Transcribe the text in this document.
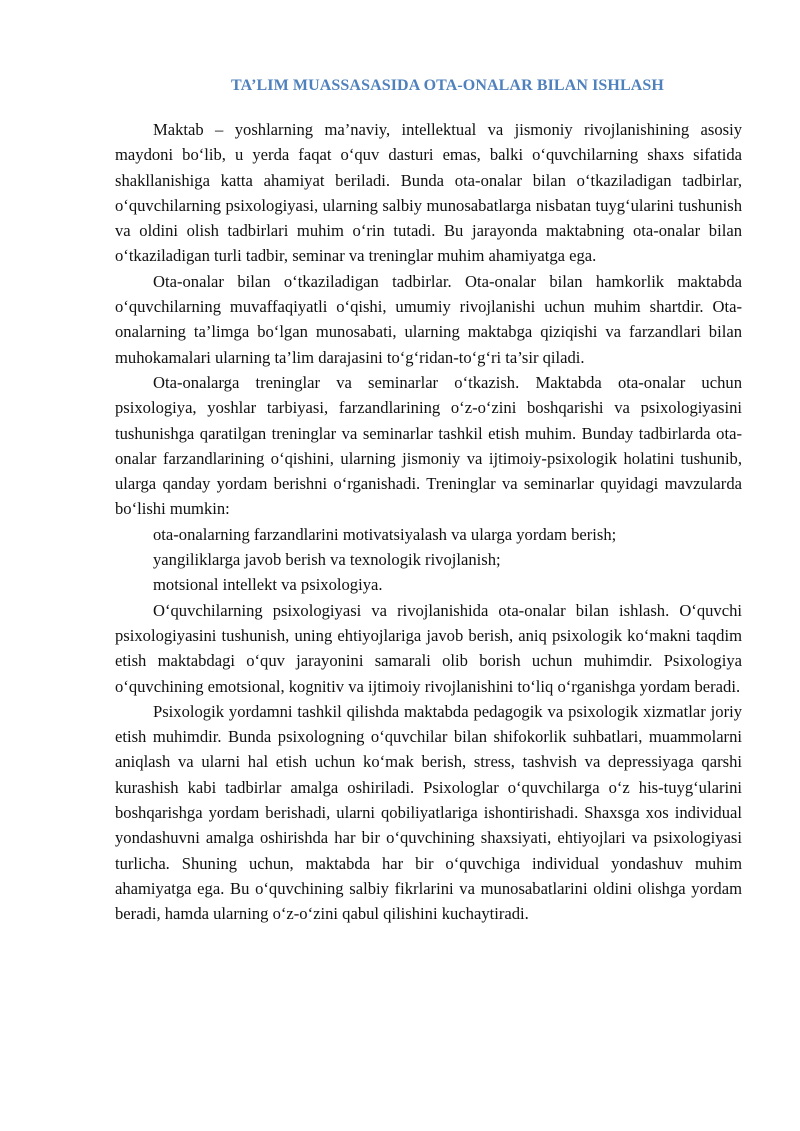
TA’LIM MUASSASASIDA OTA-ONALAR BILAN ISHLASH

Maktab – yoshlarning ma’naviy, intellektual va jismoniy rivojlanishining asosiy maydoni bo‘lib, u yerda faqat o‘quv dasturi emas, balki o‘quvchilarning shaxs sifatida shakllanishiga katta ahamiyat beriladi. Bunda ota-onalar bilan o‘tkaziladigan tadbirlar, o‘quvchilarning psixologiyasi, ularning salbiy munosabatlarga nisbatan tuyg‘ularini tushunish va oldini olish tadbirlari muhim o‘rin tutadi. Bu jarayonda maktabning ota-onalar bilan o‘tkaziladigan turli tadbir, seminar va treninglar muhim ahamiyatga ega.

Ota-onalar bilan o‘tkaziladigan tadbirlar. Ota-onalar bilan hamkorlik maktabda o‘quvchilarning muvaffaqiyatli o‘qishi, umumiy rivojlanishi uchun muhim shartdir. Ota-onalarning ta’limga bo‘lgan munosabati, ularning maktabga qiziqishi va farzandlari bilan muhokamalari ularning ta’lim darajasini to‘g‘ridan-to‘g‘ri ta’sir qiladi.

Ota-onalarga treninglar va seminarlar o‘tkazish. Maktabda ota-onalar uchun psixologiya, yoshlar tarbiyasi, farzandlarining o‘z-o‘zini boshqarishi va psixologiyasini tushunishga qaratilgan treninglar va seminarlar tashkil etish muhim. Bunday tadbirlarda ota-onalar farzandlarining o‘qishini, ularning jismoniy va ijtimoiy-psixologik holatini tushunib, ularga qanday yordam berishni o‘rganishadi. Treninglar va seminarlar quyidagi mavzularda bo‘lishi mumkin:

ota-onalarning farzandlarini motivatsiyalash va ularga yordam berish;
yangiliklarga javob berish va texnologik rivojlanish;
motsional intellekt va psixologiya.

O‘quvchilarning psixologiyasi va rivojlanishida ota-onalar bilan ishlash. O‘quvchi psixologiyasini tushunish, uning ehtiyojlariga javob berish, aniq psixologik ko‘makni taqdim etish maktabdagi o‘quv jarayonini samarali olib borish uchun muhimdir. Psixologiya o‘quvchining emotsional, kognitiv va ijtimoiy rivojlanishini to‘liq o‘rganishga yordam beradi.

Psixologik yordamni tashkil qilishda maktabda pedagogik va psixologik xizmatlar joriy etish muhimdir. Bunda psixologning o‘quvchilar bilan shifokorlik suhbatlari, muammolarni aniqlash va ularni hal etish uchun ko‘mak berish, stress, tashvish va depressiyaga qarshi kurashish kabi tadbirlar amalga oshiriladi. Psixologlar o‘quvchilarga o‘z his-tuyg‘ularini boshqarishga yordam berishadi, ularni qobiliyatlariga ishontirishadi. Shaxsga xos individual yondashuvni amalga oshirishda har bir o‘quvchining shaxsiyati, ehtiyojlari va psixologiyasi turlicha. Shuning uchun, maktabda har bir o‘quvchiga individual yondashuv muhim ahamiyatga ega. Bu o‘quvchining salbiy fikrlarini va munosabatlarini oldini olishga yordam beradi, hamda ularning o‘z-o‘zini qabul qilishini kuchaytiradi.
